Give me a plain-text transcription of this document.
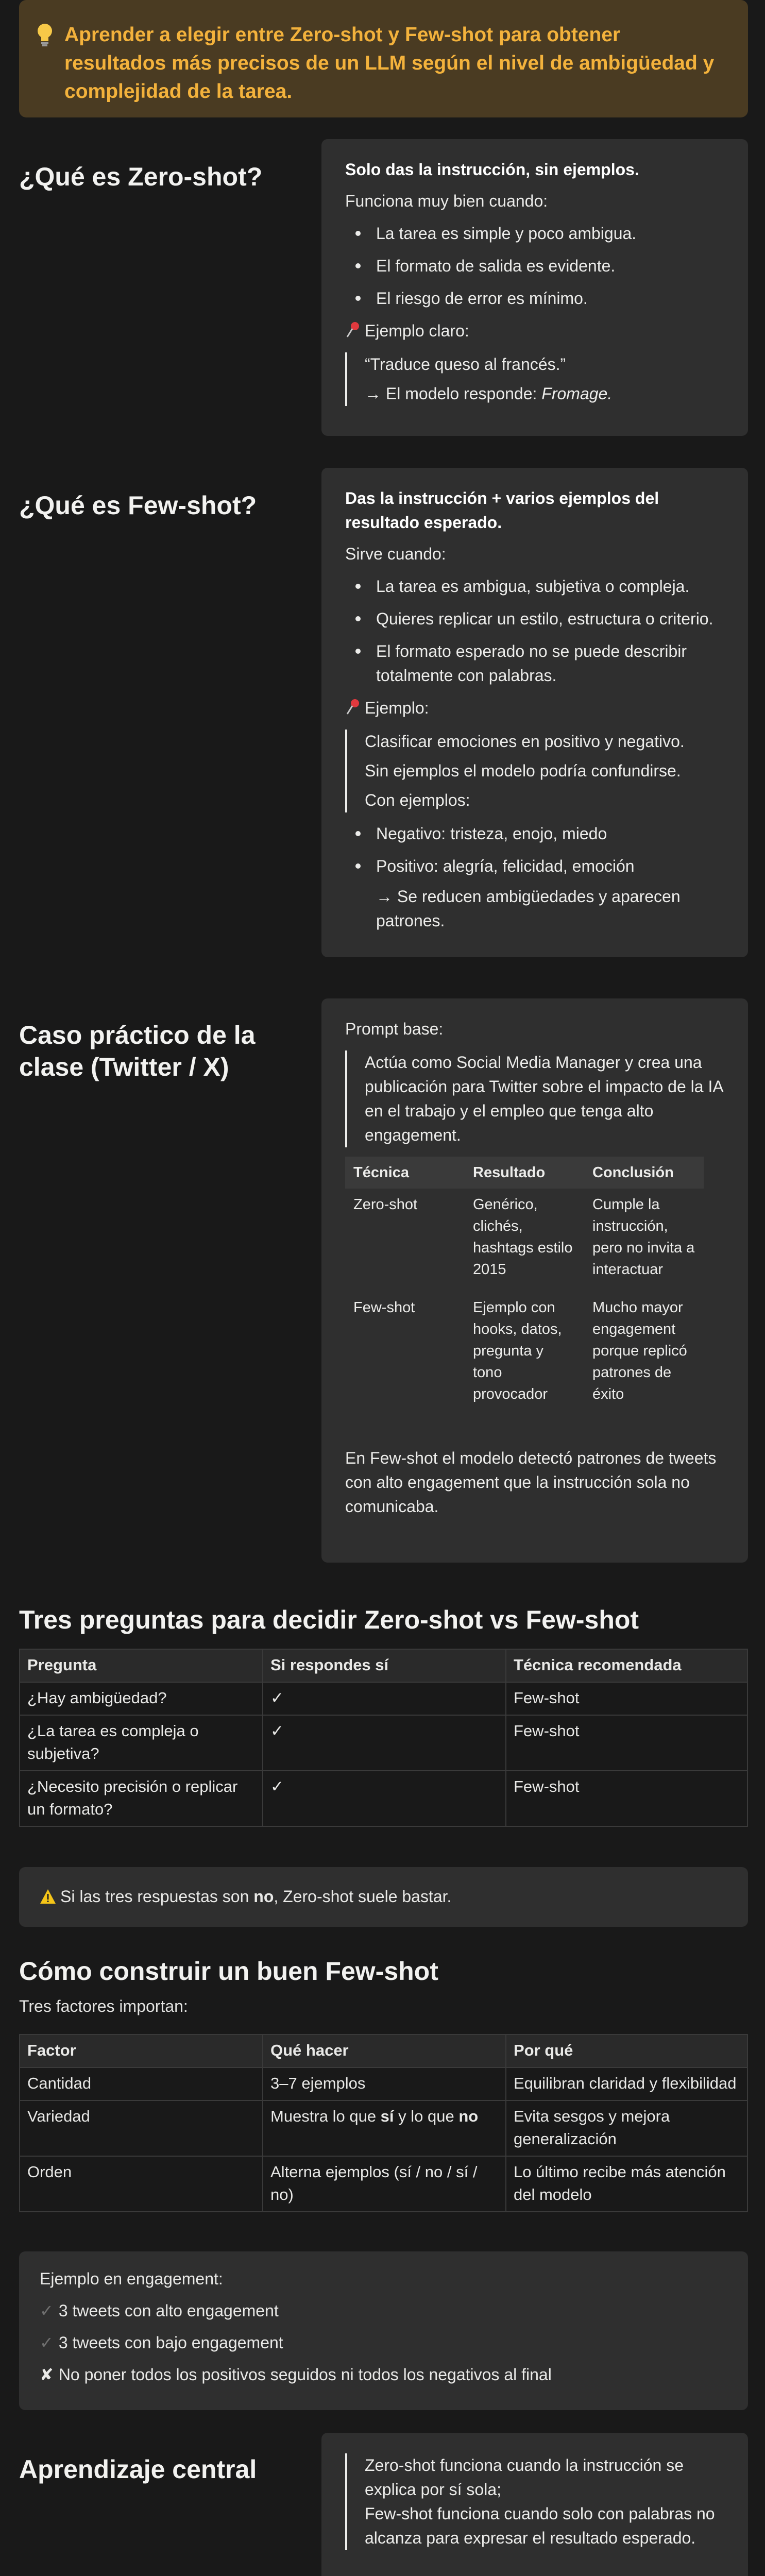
Aprender a elegir entre Zero-shot y Few-shot para obtener resultados más precisos de un LLM según el nivel de ambigüedad y complejidad de la tarea.

¿Qué es Zero-shot?	Solo das la instrucción, sin ejemplos.

Funciona muy bien cuando:

La tarea es simple y poco ambigua.
El formato de salida es evidente.
El riesgo de error es mínimo.

Ejemplo claro:

“Traduce queso al francés.”

→ El modelo responde: Fromage.

¿Qué es Few-shot?	Das la instrucción + varios ejemplos del resultado esperado.

Sirve cuando:

La tarea es ambigua, subjetiva o compleja.
Quieres replicar un estilo, estructura o criterio.
El formato esperado no se puede describir totalmente con palabras.

Ejemplo:

Clasificar emociones en positivo y negativo.

Sin ejemplos el modelo podría confundirse.

Con ejemplos:

Negativo: tristeza, enojo, miedo
Positivo: alegría, felicidad, emoción

→ Se reducen ambigüedades y aparecen patrones.

Caso práctico de la clase (Twitter / X)

Prompt base:

Actúa como Social Media Manager y crea una publicación para Twitter sobre el impacto de la IA en el trabajo y el empleo que tenga alto engagement.

Técnica	Resultado	Conclusión
Zero-shot	Genérico, clichés, hashtags estilo 2015	Cumple la instrucción, pero no invita a interactuar
Few-shot	Ejemplo con hooks, datos, pregunta y tono provocador	Mucho mayor engagement porque replicó patrones de éxito

En Few-shot el modelo detectó patrones de tweets con alto engagement que la instrucción sola no comunicaba.

Tres preguntas para decidir Zero-shot vs Few-shot
Pregunta	Si respondes sí	Técnica recomendada
¿Hay ambigüedad?	✓	Few-shot
¿La tarea es compleja o subjetiva?	✓	Few-shot
¿Necesito precisión o replicar un formato?	✓	Few-shot
Si las tres respuestas son no, Zero-shot suele bastar.
Cómo construir un buen Few-shot
Tres factores importan:
Factor	Qué hacer	Por qué
Cantidad	3–7 ejemplos	Equilibran claridad y flexibilidad
Variedad	Muestra lo que sí y lo que no	Evita sesgos y mejora generalización
Orden	Alterna ejemplos (sí / no / sí / no)	Lo último recibe más atención del modelo

Ejemplo en engagement:

✓ 3 tweets con alto engagement

✓ 3 tweets con bajo engagement

✘ No poner todos los positivos seguidos ni todos los negativos al final

Aprendizaje central	Zero-shot funciona cuando la instrucción se explica por sí sola;

Few-shot funciona cuando solo con palabras no alcanza para expresar el resultado esperado.
